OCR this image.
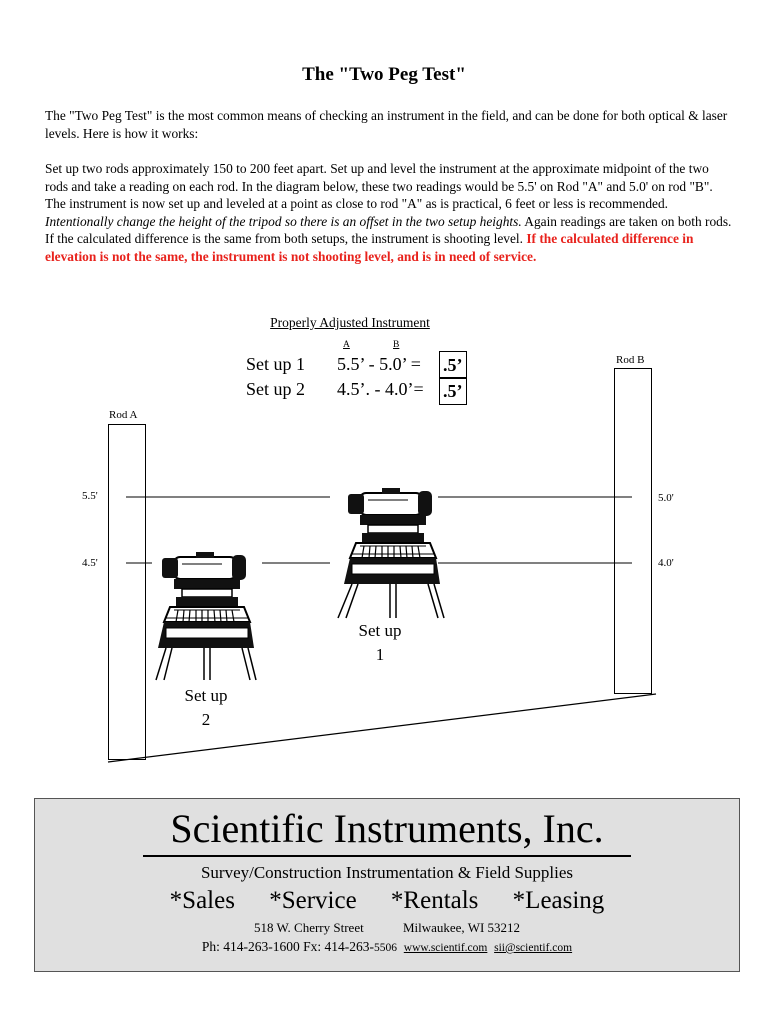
The "Two Peg Test"
The "Two Peg Test" is the most common means of checking an instrument in the field, and can be done for both optical & laser levels. Here is how it works:
Set up two rods approximately 150 to 200 feet apart. Set up and level the instrument at the approximate midpoint of the two rods and take a reading on each rod. In the diagram below, these two readings would be 5.5' on Rod "A" and 5.0' on rod "B". The instrument is now set up and leveled at a point as close to rod "A" as is practical, 6 feet or less is recommended. Intentionally change the height of the tripod so there is an offset in the two setup heights. Again readings are taken on both rods. If the calculated difference is the same from both setups, the instrument is shooting level. If the calculated difference in elevation is not the same, the instrument is not shooting level, and is in need of service.
Properly Adjusted Instrument
A	B
Set up 1 5.5’ - 5.0’ = .5’
Set up 2 4.5’. - 4.0’= .5’
Rod A
Rod B
5.5'
4.5'
5.0'
4.0'
Set up
1
Set up
2
Scientific Instruments, Inc.
Survey/Construction Instrumentation & Field Supplies
*Sales *Service *Rentals *Leasing
518 W. Cherry Street	Milwaukee, WI 53212
Ph: 414-263-1600 Fx: 414-263-5506 www.scientif.com sii@scientif.com
